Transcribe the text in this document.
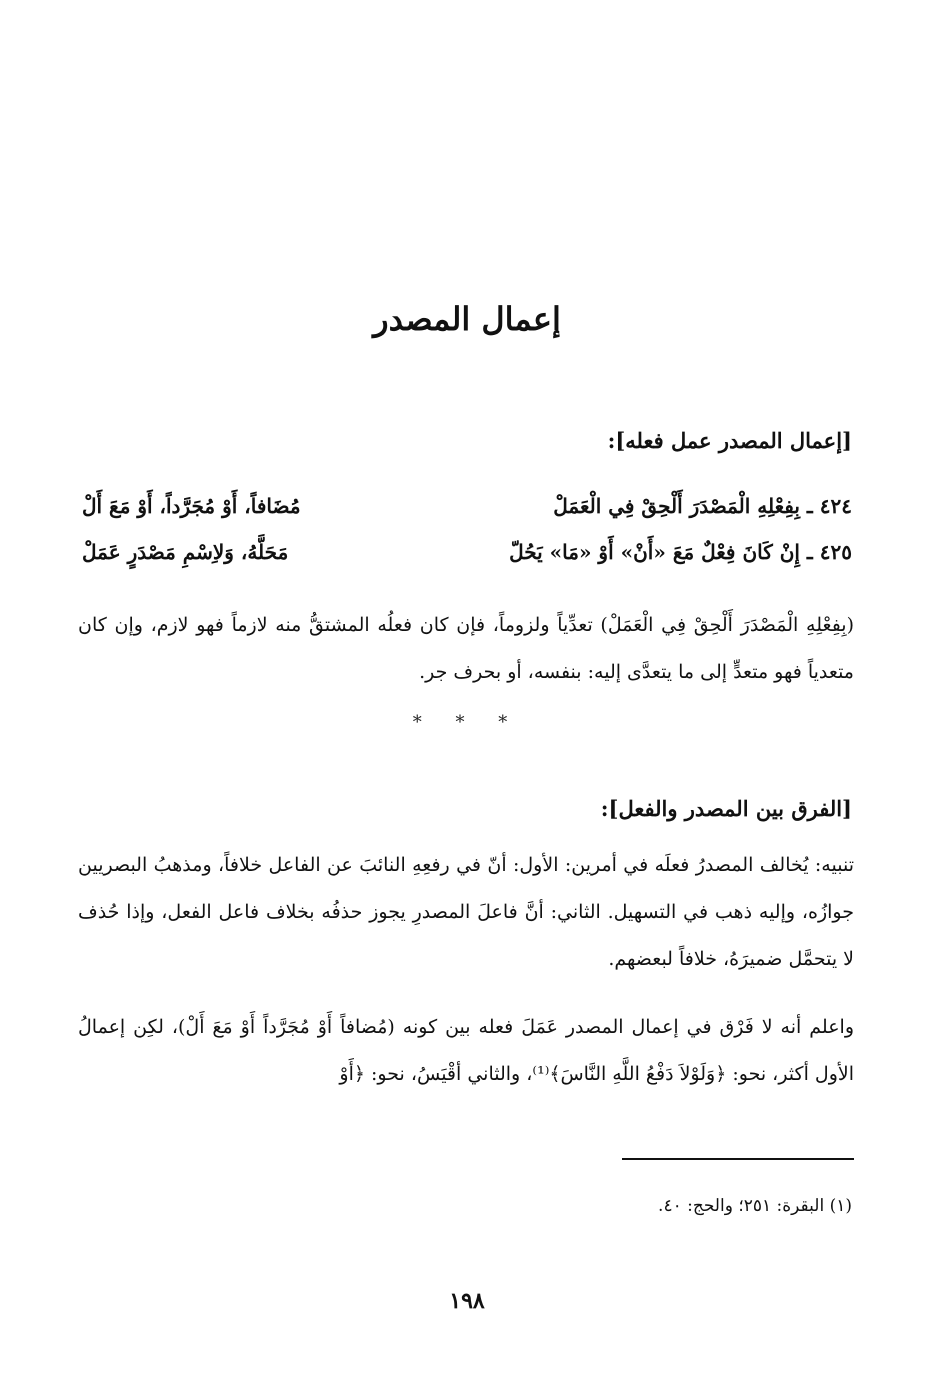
إعمال المصدر
[إعمال المصدر عمل فعله]:
٤٢٤ ـ بِفِعْلِهِ الْمَصْدَرَ أَلْحِقْ فِي الْعَمَلْ
مُضَافاً، أَوْ مُجَرَّداً، أَوْ مَعَ أَلْ
٤٢٥ ـ إِنْ كَانَ فِعْلٌ مَعَ «أَنْ» أَوْ «مَا» يَحُلّ
مَحَلَّهُ، وَلاِسْمِ مَصْدَرٍ عَمَلْ

(بِفِعْلِهِ الْمَصْدَرَ أَلْحِقْ فِي الْعَمَلْ) تعدِّياً ولزوماً، فإن كان فعلُه المشتقُّ منه لازماً فهو لازم، وإن كان متعدياً فهو متعدٍّ إلى ما يتعدَّى إليه: بنفسه، أو بحرف جر.

* * *
[الفرق بين المصدر والفعل]:

تنبيه: يُخالف المصدرُ فعلَه في أمرين: الأول: أنّ في رفعِهِ النائبَ عن الفاعل خلافاً، ومذهبُ البصريين جوازُه، وإليه ذهب في التسهيل. الثاني: أنَّ فاعلَ المصدرِ يجوز حذفُه بخلاف فاعل الفعل، وإذا حُذف لا يتحمَّل ضميرَهُ، خلافاً لبعضهم.

واعلم أنه لا فَرْق في إعمال المصدر عَمَلَ فعله بين كونه (مُضافاً أَوْ مُجَرَّداً أَوْ مَعَ أَلْ)، لكِن إعمالُ الأول أكثر، نحو: ﴿وَلَوْلاَ دَفْعُ اللَّهِ النَّاسَ﴾⁽¹⁾، والثاني أقْيَسُ، نحو: ﴿أَوْ

(١) البقرة: ٢٥١؛ والحج: ٤٠.

١٩٨
